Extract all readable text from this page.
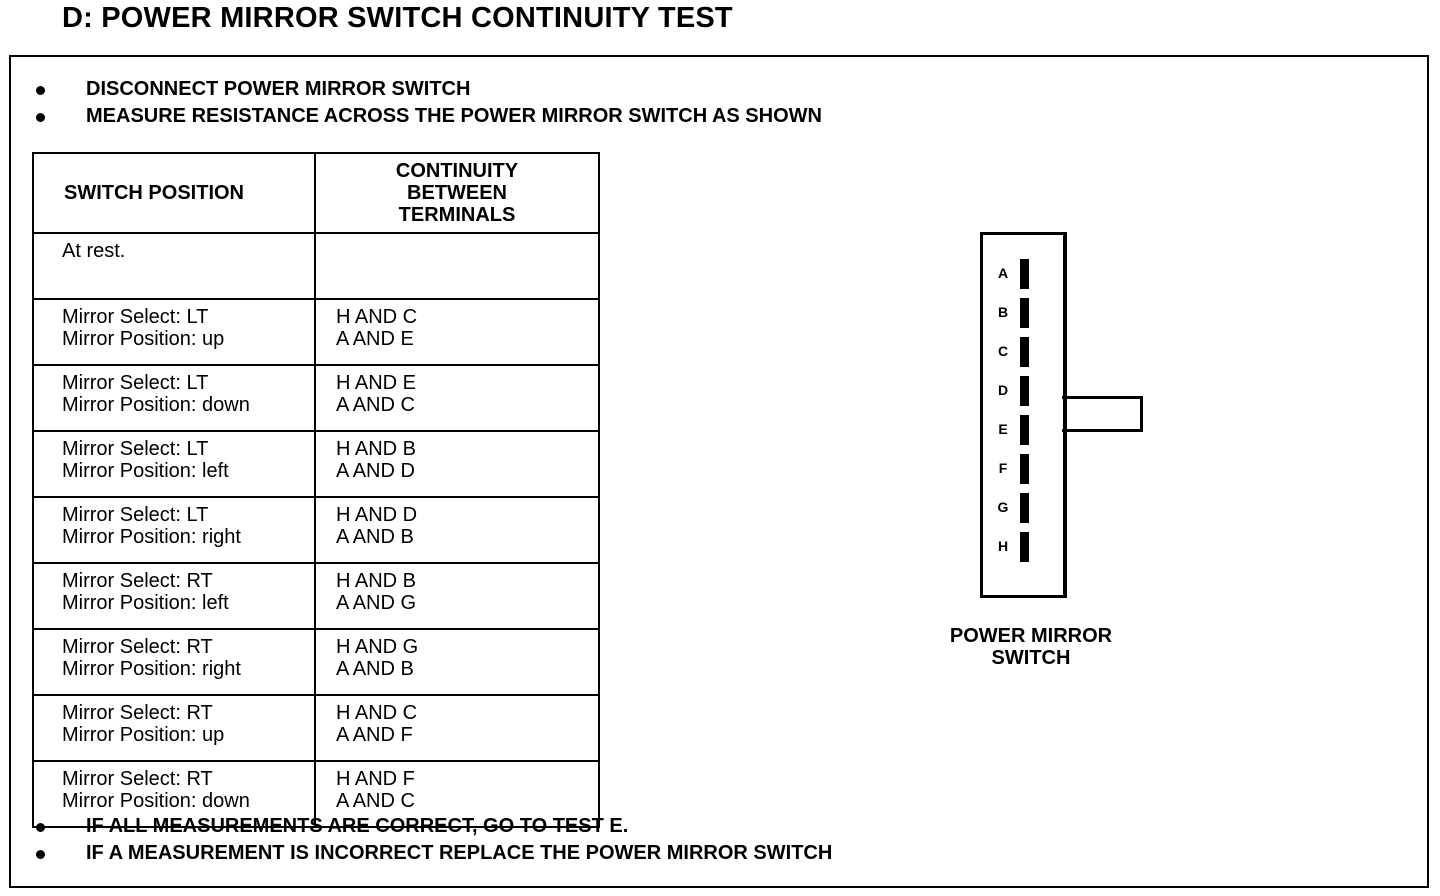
D: POWER MIRROR SWITCH CONTINUITY TEST
DISCONNECT POWER MIRROR SWITCH
MEASURE RESISTANCE ACROSS THE POWER MIRROR SWITCH AS SHOWN
SWITCH POSITION	CONTINUITY
BETWEEN
TERMINALS

At rest.	

Mirror Select: LT
Mirror Position: up	H AND C
A AND E

Mirror Select: LT
Mirror Position: down	H AND E
A AND C

Mirror Select: LT
Mirror Position: left	H AND B
A AND D

Mirror Select: LT
Mirror Position: right	H AND D
A AND B

Mirror Select: RT
Mirror Position: left	H AND B
A AND G

Mirror Select: RT
Mirror Position: right	H AND G
A AND B

Mirror Select: RT
Mirror Position: up	H AND C
A AND F

Mirror Select: RT
Mirror Position: down	H AND F
A AND C
A
B
C
D
E
F
G
H
POWER MIRROR
SWITCH
IF ALL MEASUREMENTS ARE CORRECT, GO TO TEST E.
IF A MEASUREMENT IS INCORRECT REPLACE THE POWER MIRROR SWITCH
